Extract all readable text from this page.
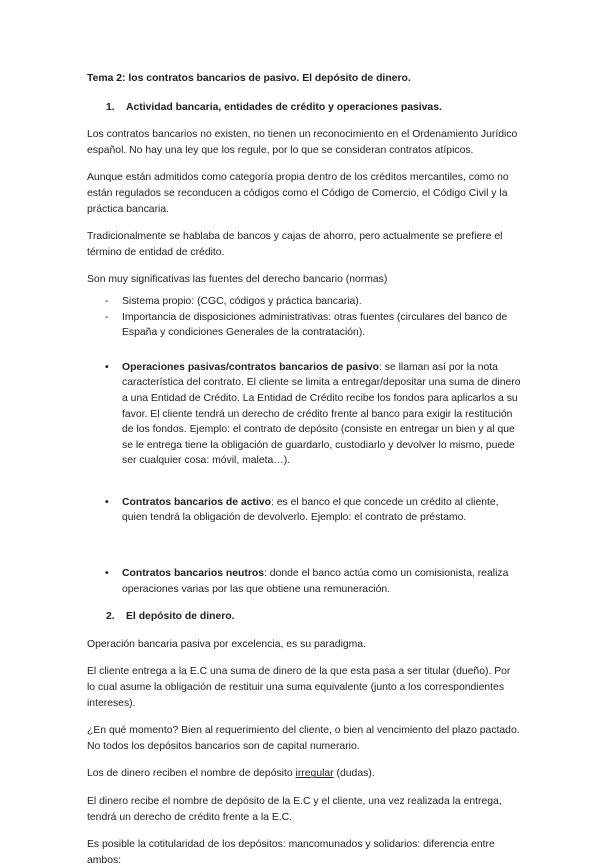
Tema 2: los contratos bancarios de pasivo. El depósito de dinero.

1.	Actividad bancaria, entidades de crédito y operaciones pasivas.

Los contratos bancarios no existen, no tienen un reconocimiento en el Ordenamiento Jurídico español. No hay una ley que los regule, por lo que se consideran contratos atípicos.

Aunque están admitidos como categoría propia dentro de los créditos mercantiles, como no están regulados se reconducen a códigos como el Código de Comercio, el Código Civil y la práctica bancaria.

Tradicionalmente se hablaba de bancos y cajas de ahorro, pero actualmente se prefiere el término de entidad de crédito.

Son muy significativas las fuentes del derecho bancario (normas)

-	Sistema propio: (CGC, códigos y práctica bancaria).
-	Importancia de disposiciones administrativas: otras fuentes (circulares del banco de España y condiciones Generales de la contratación).
•	Operaciones pasivas/contratos bancarios de pasivo: se llaman así por la nota característica del contrato. El cliente se limita a entregar/depositar una suma de dinero a una Entidad de Crédito. La Entidad de Crédito recibe los fondos para aplicarlos a su favor. El cliente tendrá un derecho de crédito frente al banco para exigir la restitución de los fondos. Ejemplo: el contrato de depósito (consiste en entregar un bien y al que se le entrega tiene la obligación de guardarlo, custodiarlo y devolver lo mismo, puede ser cualquier cosa: móvil, maleta…).
•	Contratos bancarios de activo: es el banco el que concede un crédito al cliente, quien tendrá la obligación de devolverlo. Ejemplo: el contrato de préstamo.
•	Contratos bancarios neutros: donde el banco actúa como un comisionista, realiza operaciones varias por las que obtiene una remuneración.
2.	El depósito de dinero.

Operación bancaria pasiva por excelencia, es su paradigma.

El cliente entrega a la E.C una suma de dinero de la que esta pasa a ser titular (dueño). Por lo cual asume la obligación de restituir una suma equivalente (junto a los correspondientes intereses).

¿En qué momento? Bien al requerimiento del cliente, o bien al vencimiento del plazo pactado. No todos los depósitos bancarios son de capital numerario.

Los de dinero reciben el nombre de depósito irregular (dudas).

El dinero recibe el nombre de depósito de la E.C y el cliente, una vez realizada la entrega, tendrá un derecho de crédito frente a la E.C.

Es posible la cotitularidad de los depósitos: mancomunados y solidarios: diferencia entre ambos:
